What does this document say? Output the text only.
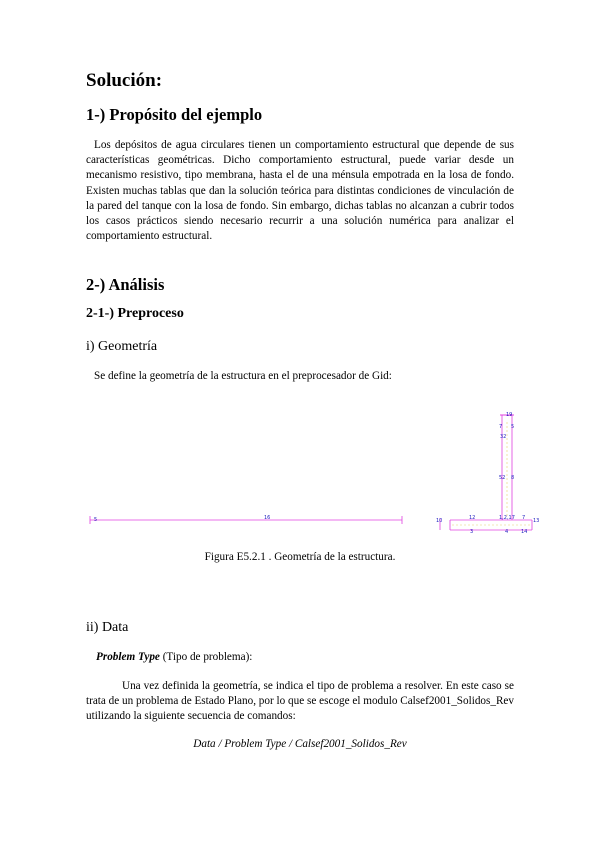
Solución:
1-) Propósito del ejemplo

Los depósitos de agua circulares tienen un comportamiento estructural que depende de sus características geométricas. Dicho comportamiento estructural, puede variar desde un mecanismo resistivo, tipo membrana, hasta el de una ménsula empotrada en la losa de fondo. Existen muchas tablas que dan la solución teórica para distintas condiciones de vinculación de la pared del tanque con la losa de fondo. Sin embargo, dichas tablas no alcanzan a cubrir todos los casos prácticos siendo necesario recurrir a una solución numérica para analizar el comportamiento estructural.

2-) Análisis
2-1-) Preproceso
i) Geometría
Se define la geometría de la estructura en el preprocesador de Gid:
5	16
19
7 5
32
52 8
10	12	1,2,17 7 13
3	4	14
Figura E5.2.1 . Geometría de la estructura.
ii) Data
Problem Type (Tipo de problema):

Una vez definida la geometría, se indica el tipo de problema a resolver. En este caso se trata de un problema de Estado Plano, por lo que se escoge el modulo Calsef2001_Solidos_Rev utilizando la siguiente secuencia de comandos:

Data / Problem Type / Calsef2001_Solidos_Rev
